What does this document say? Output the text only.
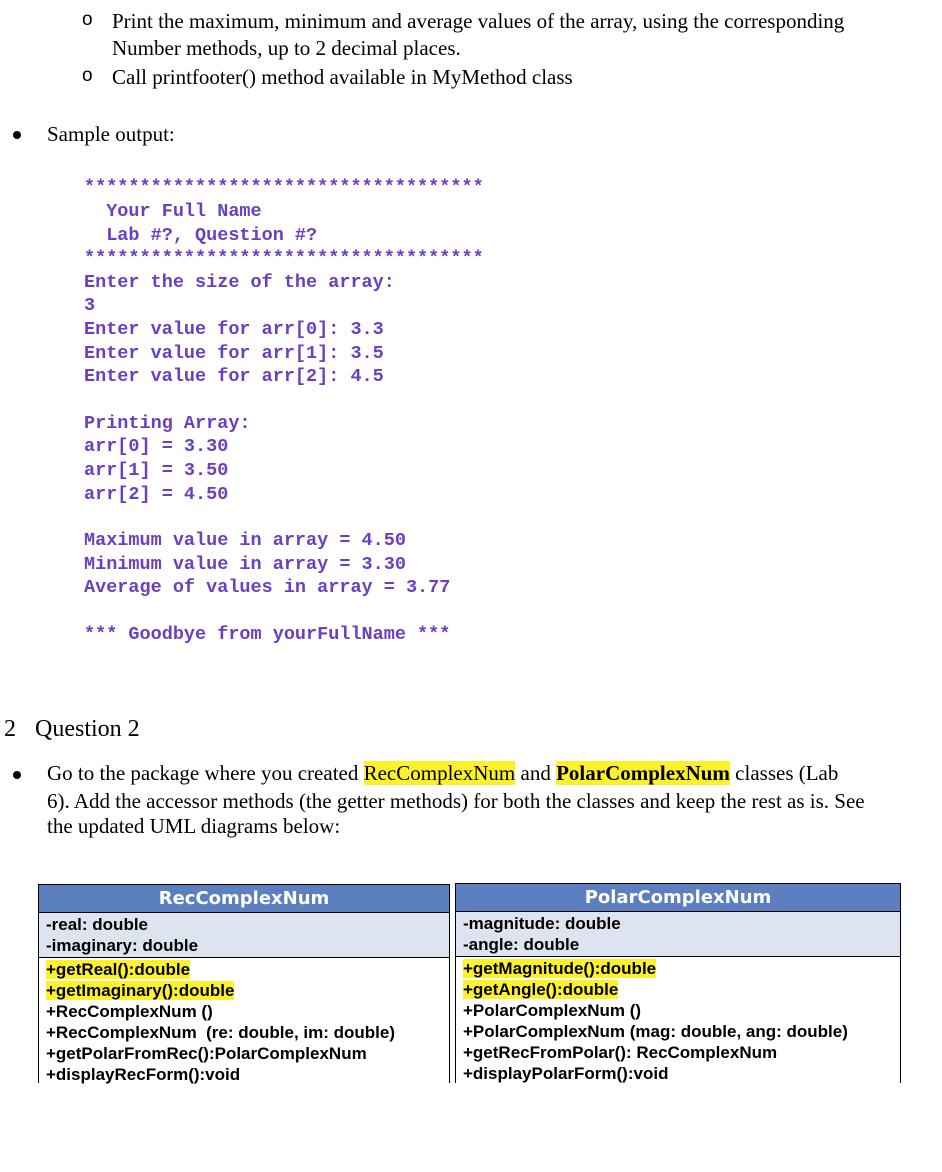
o Print the maximum, minimum and average values of the array, using the corresponding
Number methods, up to 2 decimal places.
o Call printfooter() method available in MyMethod class
Sample output:
************************************
Your Full Name
Lab #?, Question #?
************************************
Enter the size of the array:
3
Enter value for arr[0]: 3.3
Enter value for arr[1]: 3.5
Enter value for arr[2]: 4.5
Printing Array:
arr[0] = 3.30
arr[1] = 3.50
arr[2] = 4.50
Maximum value in array = 4.50
Minimum value in array = 3.30
Average of values in array = 3.77
*** Goodbye from yourFullName ***
2 Question 2
Go to the package where you created RecComplexNum and PolarComplexNum classes (Lab
6). Add the accessor methods (the getter methods) for both the classes and keep the rest as is. See
the updated UML diagrams below:
RecComplexNum
-real: double
-imaginary: double
+getReal():double
+getImaginary():double
+RecComplexNum ()
+RecComplexNum  (re: double, im: double)
+getPolarFromRec():PolarComplexNum
+displayRecForm():void
PolarComplexNum
-magnitude: double
-angle: double
+getMagnitude():double
+getAngle():double
+PolarComplexNum ()
+PolarComplexNum (mag: double, ang: double)
+getRecFromPolar(): RecComplexNum
+displayPolarForm():void
